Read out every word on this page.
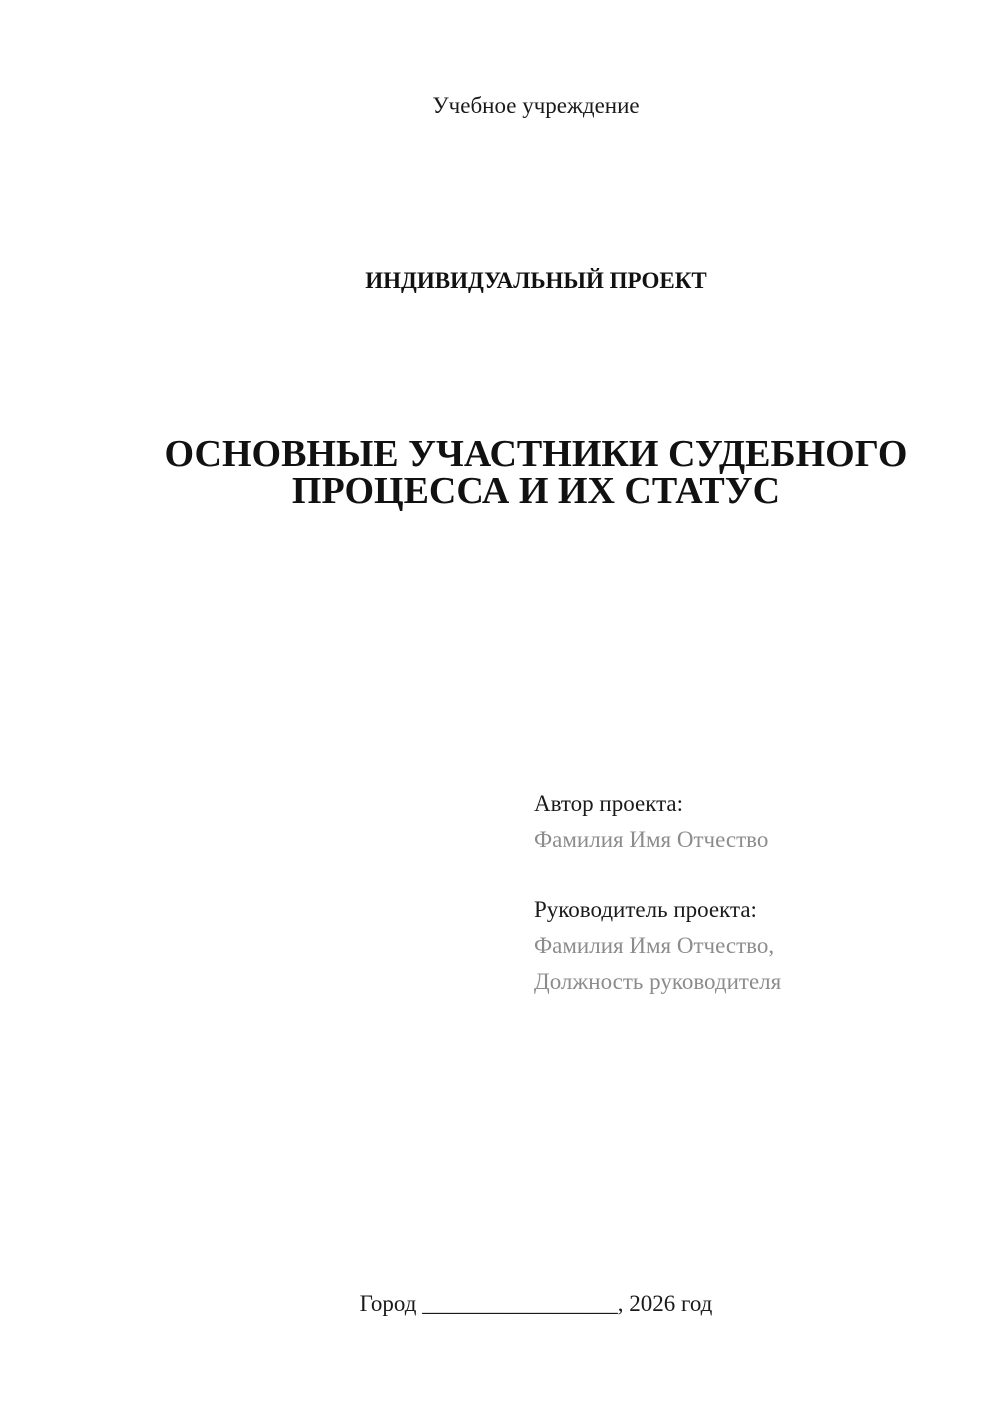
Учебное учреждение
ИНДИВИДУАЛЬНЫЙ ПРОЕКТ
ОСНОВНЫЕ УЧАСТНИКИ СУДЕБНОГО
ПРОЦЕССА И ИХ СТАТУС
Автор проекта:
Фамилия Имя Отчество
Руководитель проекта:
Фамилия Имя Отчество,
Должность руководителя
Город _________________, 2026 год
